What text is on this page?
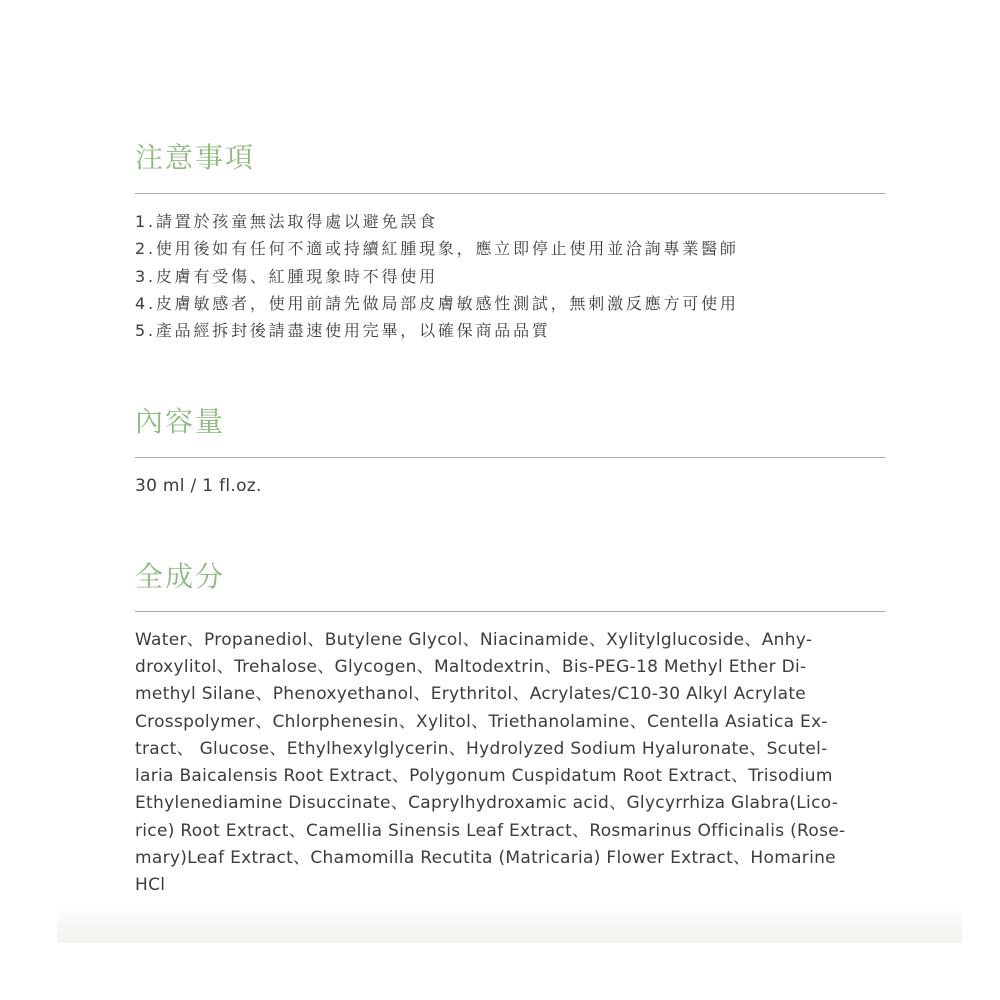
注意事項
1.請置於孩童無法取得處以避免誤食
2.使用後如有任何不適或持續紅腫現象，應立即停止使用並洽詢專業醫師
3.皮膚有受傷、紅腫現象時不得使用
4.皮膚敏感者，使用前請先做局部皮膚敏感性測試，無刺激反應方可使用
5.產品經拆封後請盡速使用完畢，以確保商品品質
內容量
30 ml / 1 fl.oz.
全成分
Water、Propanediol、Butylene Glycol、Niacinamide、Xylitylglucoside、Anhy-
droxylitol、Trehalose、Glycogen、Maltodextrin、Bis-PEG-18 Methyl Ether Di-
methyl Silane、Phenoxyethanol、Erythritol、Acrylates/C10-30 Alkyl Acrylate
Crosspolymer、Chlorphenesin、Xylitol、Triethanolamine、Centella Asiatica Ex-
tract、 Glucose、Ethylhexylglycerin、Hydrolyzed Sodium Hyaluronate、Scutel-
laria Baicalensis Root Extract、Polygonum Cuspidatum Root Extract、Trisodium
Ethylenediamine Disuccinate、Caprylhydroxamic acid、Glycyrrhiza Glabra(Lico-
rice) Root Extract、Camellia Sinensis Leaf Extract、Rosmarinus Officinalis (Rose-
mary)Leaf Extract、Chamomilla Recutita (Matricaria) Flower Extract、Homarine
HCl
